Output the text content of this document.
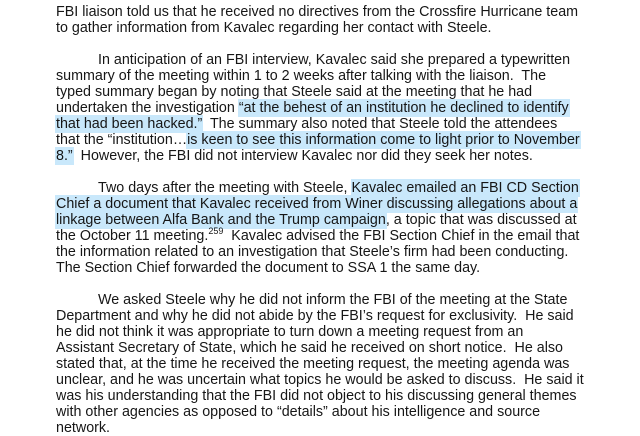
FBI liaison told us that he received no directives from the Crossfire Hurricane team
to gather information from Kavalec regarding her contact with Steele.
In anticipation of an FBI interview, Kavalec said she prepared a typewritten
summary of the meeting within 1 to 2 weeks after talking with the liaison.  The
typed summary began by noting that Steele said at the meeting that he had
undertaken the investigation “at the behest of an institution he declined to identify
that had been hacked.”  The summary also noted that Steele told the attendees
that the “institution…is keen to see this information come to light prior to November
8.”  However, the FBI did not interview Kavalec nor did they seek her notes.
Two days after the meeting with Steele, Kavalec emailed an FBI CD Section
Chief a document that Kavalec received from Winer discussing allegations about a
linkage between Alfa Bank and the Trump campaign, a topic that was discussed at
the October 11 meeting.$^{259}$  Kavalec advised the FBI Section Chief in the email that
the information related to an investigation that Steele’s firm had been conducting.
The Section Chief forwarded the document to SSA 1 the same day.
We asked Steele why he did not inform the FBI of the meeting at the State
Department and why he did not abide by the FBI’s request for exclusivity.  He said
he did not think it was appropriate to turn down a meeting request from an
Assistant Secretary of State, which he said he received on short notice.  He also
stated that, at the time he received the meeting request, the meeting agenda was
unclear, and he was uncertain what topics he would be asked to discuss.  He said it
was his understanding that the FBI did not object to his discussing general themes
with other agencies as opposed to “details” about his intelligence and source
network.
